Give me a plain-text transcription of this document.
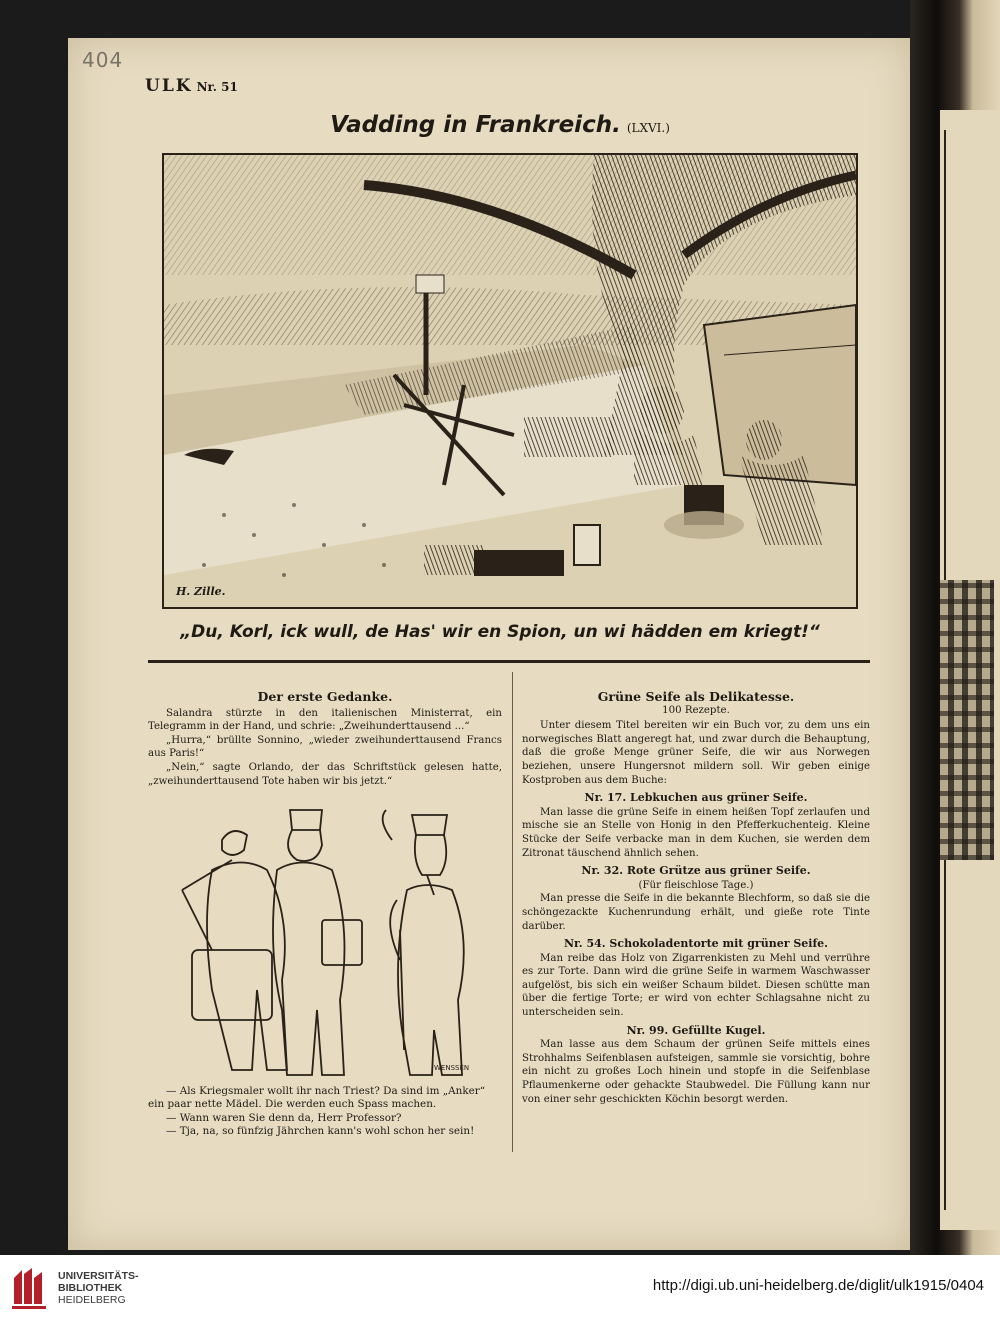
404
ULK Nr. 51
Vadding in Frankreich. (LXVI.)
H. Zille.
„Du, Korl, ick wull, de Has' wir en Spion, un wi hädden em kriegt!“
Der erste Gedanke.

Salandra stürzte in den italienischen Ministerrat, ein Telegramm in der Hand, und schrie: „Zweihunderttausend ...“

„Hurra,“ brüllte Sonnino, „wieder zweihunderttausend Francs aus Paris!“

„Nein,“ sagte Orlando, der das Schriftstück gelesen hatte, „zweihunderttausend Tote haben wir bis jetzt.“

WENSSEN

— Als Kriegsmaler wollt ihr nach Triest? Da sind im „Anker“ ein paar nette Mädel. Die werden euch Spass machen.

— Wann waren Sie denn da, Herr Professor?

— Tja, na, so fünfzig Jährchen kann's wohl schon her sein!

Grüne Seife als Delikatesse.
100 Rezepte.

Unter diesem Titel bereiten wir ein Buch vor, zu dem uns ein norwegisches Blatt angeregt hat, und zwar durch die Behauptung, daß die große Menge grüner Seife, die wir aus Norwegen beziehen, unsere Hungersnot mildern soll. Wir geben einige Kostproben aus dem Buche:

Nr. 17. Lebkuchen aus grüner Seife.

Man lasse die grüne Seife in einem heißen Topf zerlaufen und mische sie an Stelle von Honig in den Pfefferkuchenteig. Kleine Stücke der Seife verbacke man in dem Kuchen, sie werden dem Zitronat täuschend ähnlich sehen.

Nr. 32. Rote Grütze aus grüner Seife.
(Für fleischlose Tage.)

Man presse die Seife in die bekannte Blechform, so daß sie die schöngezackte Kuchenrundung erhält, und gieße rote Tinte darüber.

Nr. 54. Schokoladentorte mit grüner Seife.

Man reibe das Holz von Zigarrenkisten zu Mehl und verrühre es zur Torte. Dann wird die grüne Seife in warmem Waschwasser aufgelöst, bis sich ein weißer Schaum bildet. Diesen schütte man über die fertige Torte; er wird von echter Schlagsahne nicht zu unterscheiden sein.

Nr. 99. Gefüllte Kugel.

Man lasse aus dem Schaum der grünen Seife mittels eines Strohhalms Seifenblasen aufsteigen, sammle sie vorsichtig, bohre ein nicht zu großes Loch hinein und stopfe in die Seifenblase Pflaumenkerne oder gehackte Staubwedel. Die Füllung kann nur von einer sehr geschickten Köchin besorgt werden.

UNIVERSITÄTS-
BIBLIOTHEK
HEIDELBERG
http://digi.ub.uni-heidelberg.de/diglit/ulk1915/0404
